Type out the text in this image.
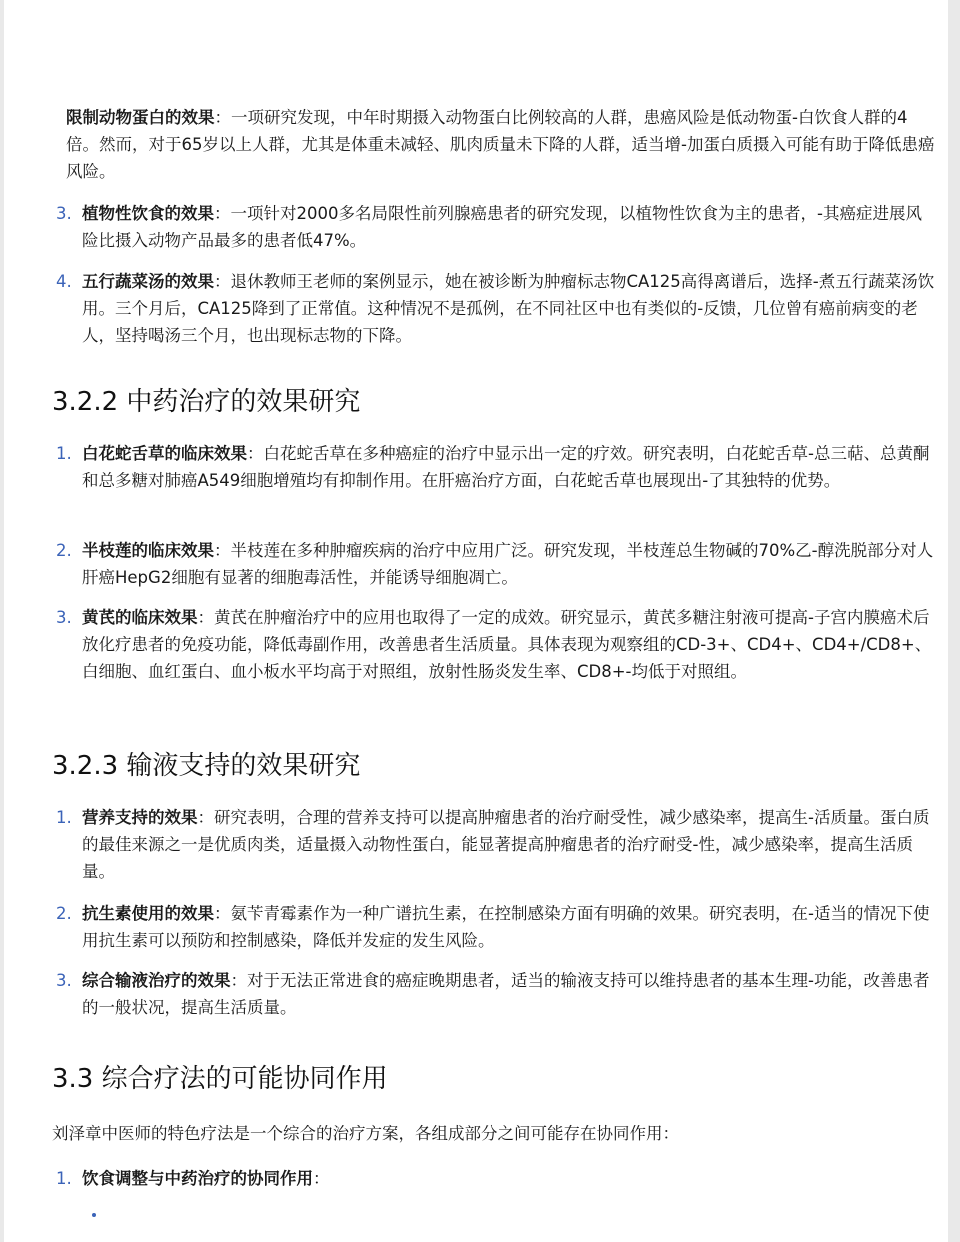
限制动物蛋白的效果：一项研究发现，中年时期摄入动物蛋白比例较高的人群，患癌风险是低动物蛋-白饮食人群的4倍。然而，对于65岁以上人群，尤其是体重未减轻、肌肉质量未下降的人群，适当增-加蛋白质摄入可能有助于降低患癌风险。
3. 植物性饮食的效果：一项针对2000多名局限性前列腺癌患者的研究发现，以植物性饮食为主的患者，-其癌症进展风险比摄入动物产品最多的患者低47%。
4. 五行蔬菜汤的效果：退休教师王老师的案例显示，她在被诊断为肿瘤标志物CA125高得离谱后，选择-煮五行蔬菜汤饮用。三个月后，CA125降到了正常值。这种情况不是孤例，在不同社区中也有类似的-反馈，几位曾有癌前病变的老人，坚持喝汤三个月，也出现标志物的下降。
3.2.2 中药治疗的效果研究
1. 白花蛇舌草的临床效果：白花蛇舌草在多种癌症的治疗中显示出一定的疗效。研究表明，白花蛇舌草-总三萜、总黄酮和总多糖对肺癌A549细胞增殖均有抑制作用。在肝癌治疗方面，白花蛇舌草也展现出-了其独特的优势。
2. 半枝莲的临床效果：半枝莲在多种肿瘤疾病的治疗中应用广泛。研究发现，半枝莲总生物碱的70%乙-醇洗脱部分对人肝癌HepG2细胞有显著的细胞毒活性，并能诱导细胞凋亡。
3. 黄芪的临床效果：黄芪在肿瘤治疗中的应用也取得了一定的成效。研究显示，黄芪多糖注射液可提高-子宫内膜癌术后放化疗患者的免疫功能，降低毒副作用，改善患者生活质量。具体表现为观察组的CD-3+、CD4+、CD4+/CD8+、白细胞、血红蛋白、血小板水平均高于对照组，放射性肠炎发生率、CD8+-均低于对照组。
3.2.3 输液支持的效果研究
1. 营养支持的效果：研究表明，合理的营养支持可以提高肿瘤患者的治疗耐受性，减少感染率，提高生-活质量。蛋白质的最佳来源之一是优质肉类，适量摄入动物性蛋白，能显著提高肿瘤患者的治疗耐受-性，减少感染率，提高生活质量。
2. 抗生素使用的效果：氨苄青霉素作为一种广谱抗生素，在控制感染方面有明确的效果。研究表明，在-适当的情况下使用抗生素可以预防和控制感染，降低并发症的发生风险。
3. 综合输液治疗的效果：对于无法正常进食的癌症晚期患者，适当的输液支持可以维持患者的基本生理-功能，改善患者的一般状况，提高生活质量。
3.3 综合疗法的可能协同作用
刘泽章中医师的特色疗法是一个综合的治疗方案，各组成部分之间可能存在协同作用：
1. 饮食调整与中药治疗的协同作用：
